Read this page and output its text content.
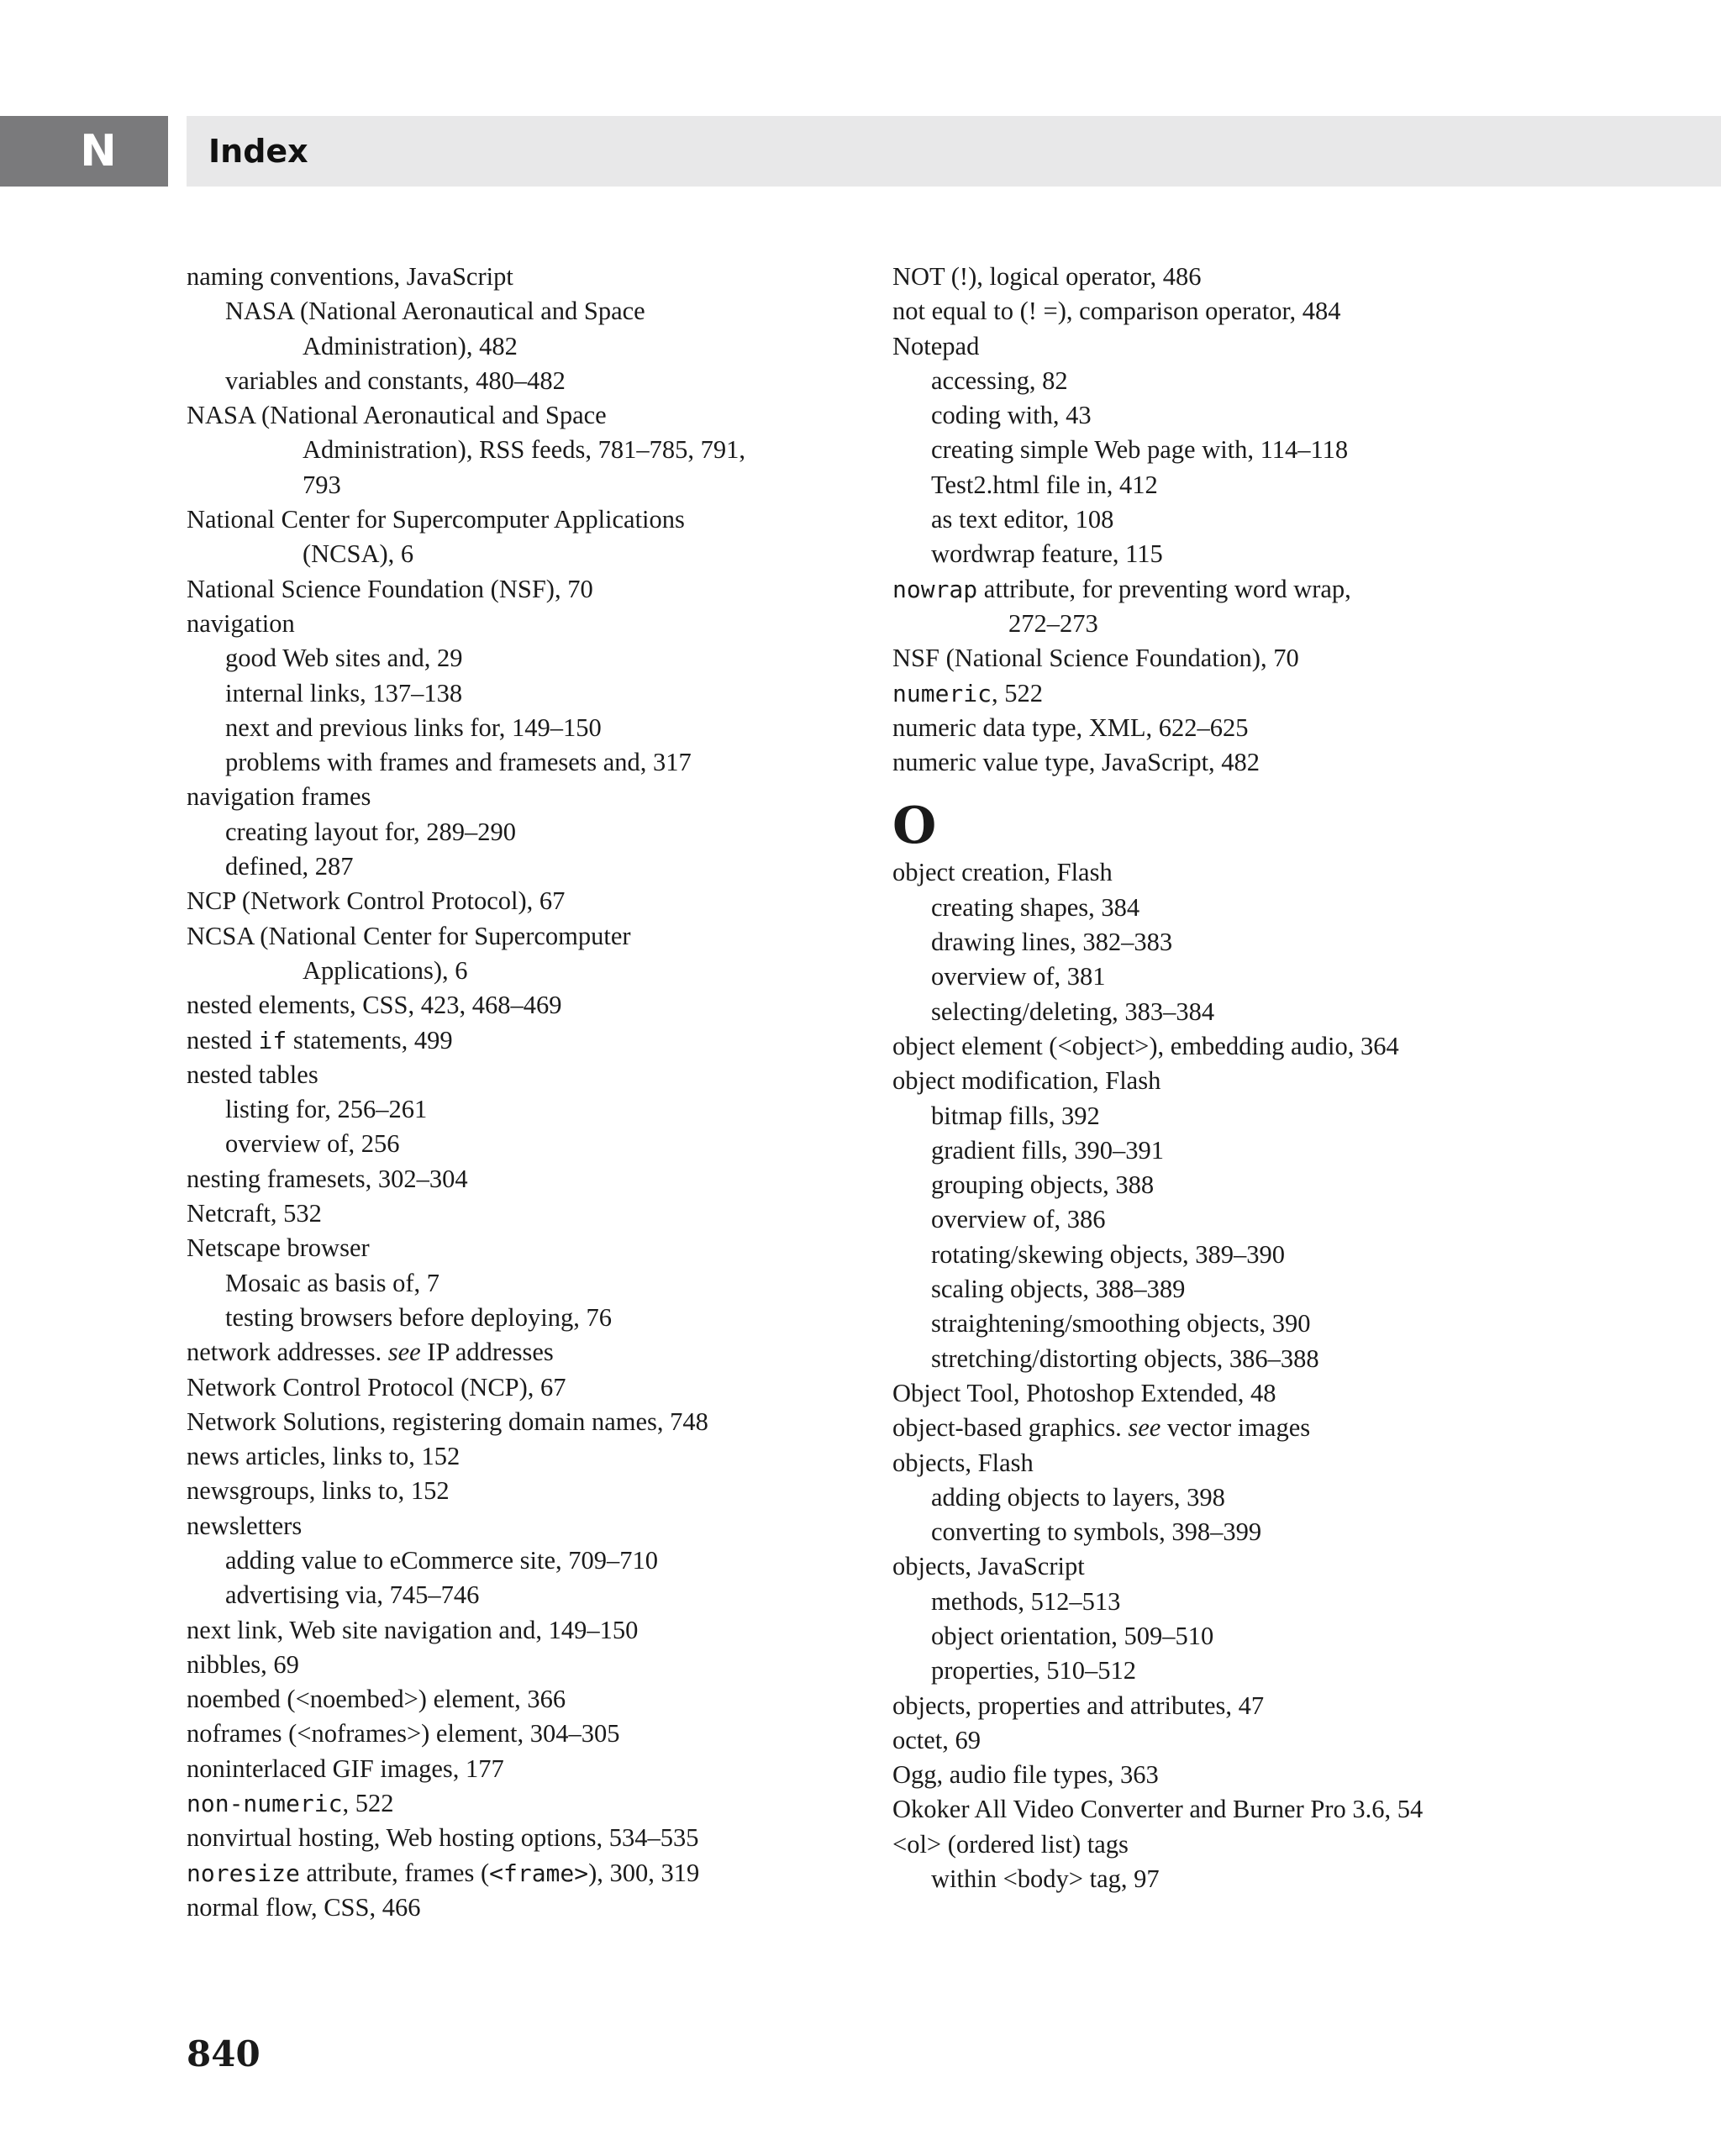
N	Index
naming conventions, JavaScript
NASA (National Aeronautical and Space
Administration), 482
variables and constants, 480–482
NASA (National Aeronautical and Space
Administration), RSS feeds, 781–785, 791,
793
National Center for Supercomputer Applications
(NCSA), 6
National Science Foundation (NSF), 70
navigation
good Web sites and, 29
internal links, 137–138
next and previous links for, 149–150
problems with frames and framesets and, 317
navigation frames
creating layout for, 289–290
defined, 287
NCP (Network Control Protocol), 67
NCSA (National Center for Supercomputer
Applications), 6
nested elements, CSS, 423, 468–469
nested if statements, 499
nested tables
listing for, 256–261
overview of, 256
nesting framesets, 302–304
Netcraft, 532
Netscape browser
Mosaic as basis of, 7
testing browsers before deploying, 76
network addresses. see IP addresses
Network Control Protocol (NCP), 67
Network Solutions, registering domain names, 748
news articles, links to, 152
newsgroups, links to, 152
newsletters
adding value to eCommerce site, 709–710
advertising via, 745–746
next link, Web site navigation and, 149–150
nibbles, 69
noembed (<noembed>) element, 366
noframes (<noframes>) element, 304–305
noninterlaced GIF images, 177
non-numeric, 522
nonvirtual hosting, Web hosting options, 534–535
noresize attribute, frames (<frame>), 300, 319
normal flow, CSS, 466
NOT (!), logical operator, 486
not equal to (! =), comparison operator, 484
Notepad
accessing, 82
coding with, 43
creating simple Web page with, 114–118
Test2.html file in, 412
as text editor, 108
wordwrap feature, 115
nowrap attribute, for preventing word wrap,
272–273
NSF (National Science Foundation), 70
numeric, 522
numeric data type, XML, 622–625
numeric value type, JavaScript, 482
O
object creation, Flash
creating shapes, 384
drawing lines, 382–383
overview of, 381
selecting/deleting, 383–384
object element (<object>), embedding audio, 364
object modification, Flash
bitmap fills, 392
gradient fills, 390–391
grouping objects, 388
overview of, 386
rotating/skewing objects, 389–390
scaling objects, 388–389
straightening/smoothing objects, 390
stretching/distorting objects, 386–388
Object Tool, Photoshop Extended, 48
object-based graphics. see vector images
objects, Flash
adding objects to layers, 398
converting to symbols, 398–399
objects, JavaScript
methods, 512–513
object orientation, 509–510
properties, 510–512
objects, properties and attributes, 47
octet, 69
Ogg, audio file types, 363
Okoker All Video Converter and Burner Pro 3.6, 54
<ol> (ordered list) tags
within <body> tag, 97
840
